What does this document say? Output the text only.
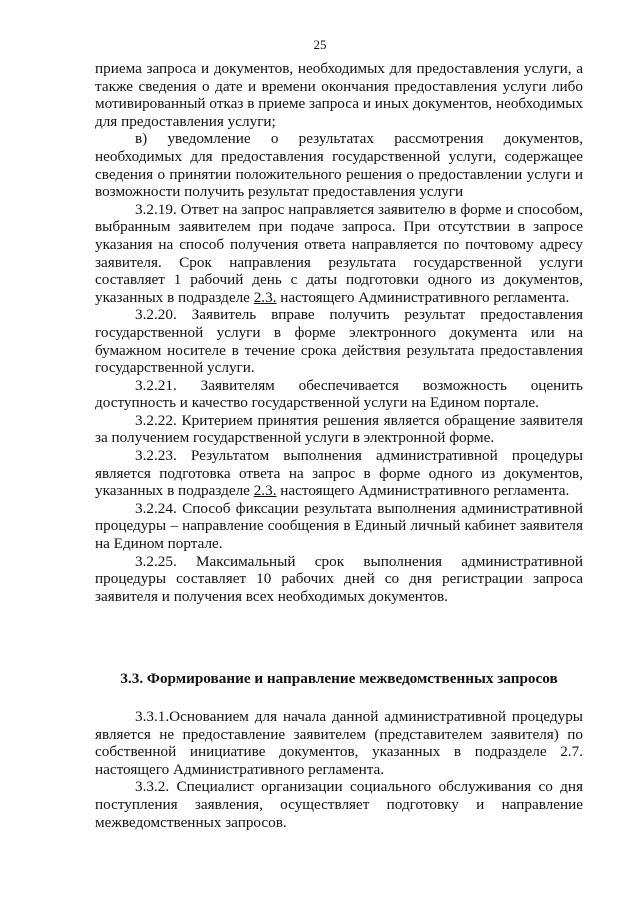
25

приема запроса и документов, необходимых для предоставления услуги, а также сведения о дате и времени окончания предоставления услуги либо мотивированный отказ в приеме запроса и иных документов, необходимых для предоставления услуги;

в) уведомление о результатах рассмотрения документов, необходимых для предоставления государственной услуги, содержащее сведения о принятии положительного решения о предоставлении услуги и возможности получить результат предоставления услуги

3.2.19. Ответ на запрос направляется заявителю в форме и способом, выбранным заявителем при подаче запроса. При отсутствии в запросе указания на способ получения ответа направляется по почтовому адресу заявителя. Срок направления результата государственной услуги составляет 1 рабочий день с даты подготовки одного из документов, указанных в подразделе 2.3. настоящего Административного регламента.

3.2.20. Заявитель вправе получить результат предоставления государственной услуги в форме электронного документа или на бумажном носителе в течение срока действия результата предоставления государственной услуги.

3.2.21. Заявителям обеспечивается возможность оценить доступность и качество государственной услуги на Едином портале.

3.2.22. Критерием принятия решения является обращение заявителя за получением государственной услуги в электронной форме.

3.2.23. Результатом выполнения административной процедуры является подготовка ответа на запрос в форме одного из документов, указанных в подразделе 2.3. настоящего Административного регламента.

3.2.24. Способ фиксации результата выполнения административной процедуры – направление сообщения в Единый личный кабинет заявителя на Едином портале.

3.2.25. Максимальный срок выполнения административной процедуры составляет 10 рабочих дней со дня регистрации запроса заявителя и получения всех необходимых документов.

3.3. Формирование и направление межведомственных запросов

3.3.1.Основанием для начала данной административной процедуры является не предоставление заявителем (представителем заявителя) по собственной инициативе документов, указанных в подразделе 2.7. настоящего Административного регламента.

3.3.2. Специалист организации социального обслуживания со дня поступления заявления, осуществляет подготовку и направление межведомственных запросов.
